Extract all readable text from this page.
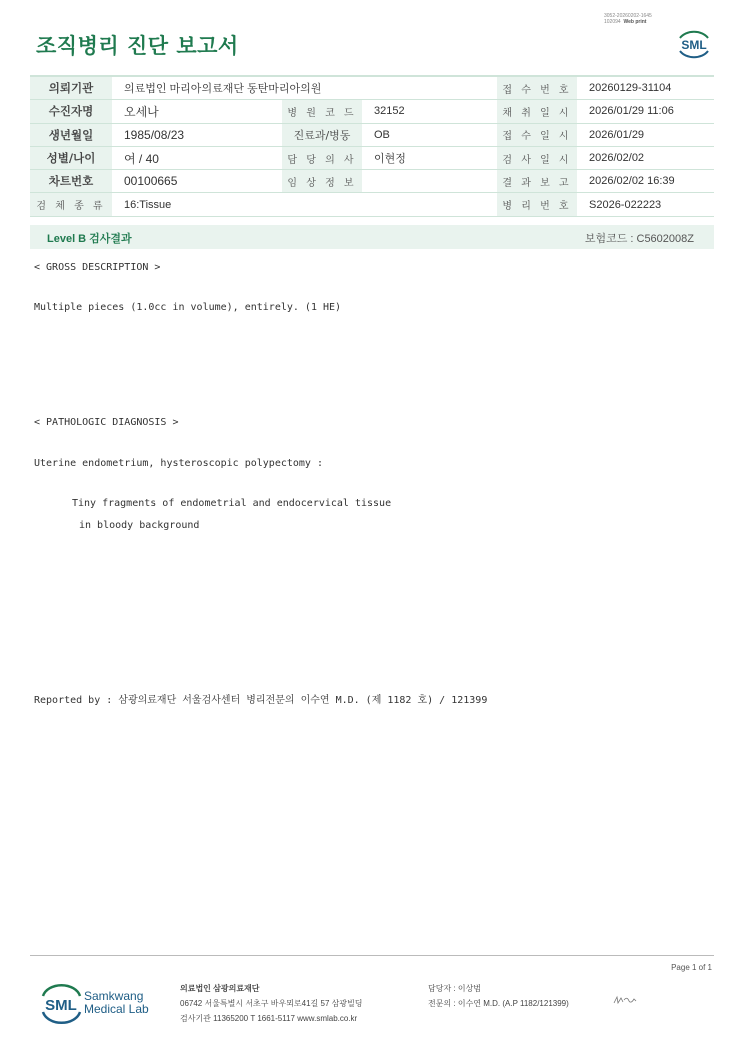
조직병리 진단 보고서
3052-20260202-1645
102094 Web print
SML
의뢰기관	의료법인 마리아의료재단 동탄마리아의원			접 수 번 호	20260129-31104
수진자명	오세나	병 원 코 드	32152	채 취 일 시	2026/01/29 11:06
생년월일	1985/08/23	진료과/병동	OB	접 수 일 시	2026/01/29
성별/나이	여 / 40	담 당 의 사	이현정	검 사 일 시	2026/02/02
차트번호	00100665	임 상 정 보		결 과 보 고	2026/02/02 16:39
검 체 종 류	16:Tissue			병 리 번 호	S2026-022223
Level B 검사결과	보험코드 : C5602008Z
< GROSS DESCRIPTION >
Multiple pieces (1.0cc in volume), entirely. (1 HE)
< PATHOLOGIC DIAGNOSIS >
Uterine endometrium, hysteroscopic polypectomy :
Tiny fragments of endometrial and endocervical tissue
in bloody background
Reported by : 삼광의료재단 서울검사센터 병리전문의 이수연 M.D. (제 1182 호) / 121399
Page 1 of 1
SML
Samkwang
Medical Lab
의료법인 삼광의료재단
06742 서울특별시 서초구 바우뫼로41길 57 삼광빌딩
검사기관 11365200 T 1661-5117 www.smlab.co.kr
담당자 : 이상범
전문의 : 이수연 M.D. (A.P 1182/121399)
